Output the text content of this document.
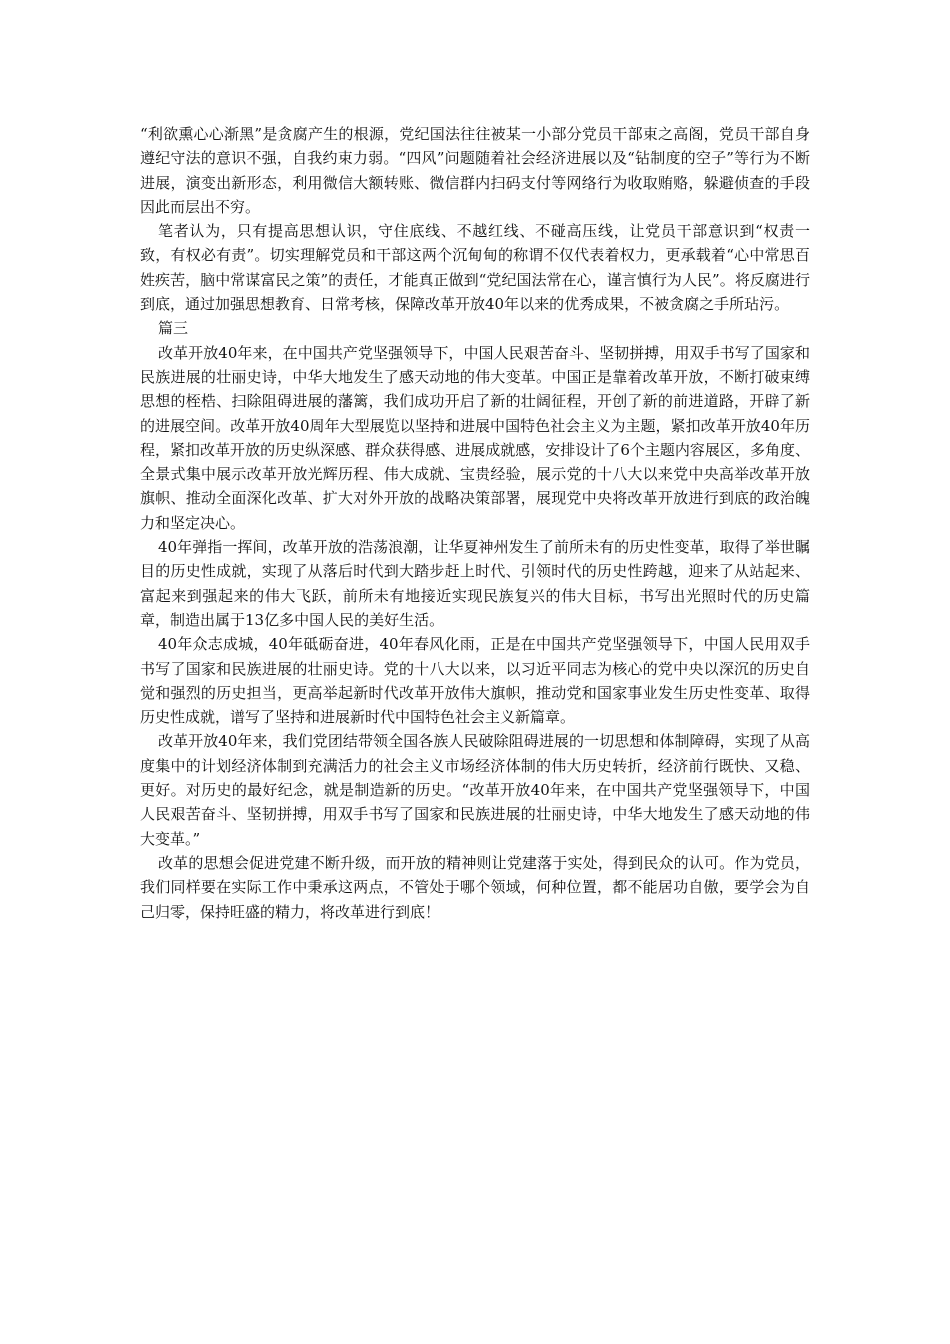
“利欲熏心心渐黑”是贪腐产生的根源，党纪国法往往被某一小部分党员干部束之高阁，党员干部自身遵纪守法的意识不强，自我约束力弱。“四风”问题随着社会经济进展以及“钻制度的空子”等行为不断进展，演变出新形态，利用微信大额转账、微信群内扫码支付等网络行为收取贿赂，躲避侦查的手段因此而层出不穷。

笔者认为，只有提高思想认识，守住底线、不越红线、不碰高压线，让党员干部意识到“权责一致，有权必有责”。切实理解党员和干部这两个沉甸甸的称谓不仅代表着权力，更承载着“心中常思百姓疾苦，脑中常谋富民之策”的责任，才能真正做到“党纪国法常在心，谨言慎行为人民”。将反腐进行到底，通过加强思想教育、日常考核，保障改革开放40年以来的优秀成果，不被贪腐之手所玷污。

篇三

改革开放40年来，在中国共产党坚强领导下，中国人民艰苦奋斗、坚韧拼搏，用双手书写了国家和民族进展的壮丽史诗，中华大地发生了感天动地的伟大变革。中国正是靠着改革开放，不断打破束缚思想的桎梏、扫除阻碍进展的藩篱，我们成功开启了新的壮阔征程，开创了新的前进道路，开辟了新的进展空间。改革开放40周年大型展览以坚持和进展中国特色社会主义为主题，紧扣改革开放40年历程，紧扣改革开放的历史纵深感、群众获得感、进展成就感，安排设计了6个主题内容展区，多角度、全景式集中展示改革开放光辉历程、伟大成就、宝贵经验，展示党的十八大以来党中央高举改革开放旗帜、推动全面深化改革、扩大对外开放的战略决策部署，展现党中央将改革开放进行到底的政治魄力和坚定决心。

40年弹指一挥间，改革开放的浩荡浪潮，让华夏神州发生了前所未有的历史性变革，取得了举世瞩目的历史性成就，实现了从落后时代到大踏步赶上时代、引领时代的历史性跨越，迎来了从站起来、富起来到强起来的伟大飞跃，前所未有地接近实现民族复兴的伟大目标，书写出光照时代的历史篇章，制造出属于13亿多中国人民的美好生活。

40年众志成城，40年砥砺奋进，40年春风化雨，正是在中国共产党坚强领导下，中国人民用双手书写了国家和民族进展的壮丽史诗。党的十八大以来，以习近平同志为核心的党中央以深沉的历史自觉和强烈的历史担当，更高举起新时代改革开放伟大旗帜，推动党和国家事业发生历史性变革、取得历史性成就，谱写了坚持和进展新时代中国特色社会主义新篇章。

改革开放40年来，我们党团结带领全国各族人民破除阻碍进展的一切思想和体制障碍，实现了从高度集中的计划经济体制到充满活力的社会主义市场经济体制的伟大历史转折，经济前行既快、又稳、更好。对历史的最好纪念，就是制造新的历史。“改革开放40年来，在中国共产党坚强领导下，中国人民艰苦奋斗、坚韧拼搏，用双手书写了国家和民族进展的壮丽史诗，中华大地发生了感天动地的伟大变革。”

改革的思想会促进党建不断升级，而开放的精神则让党建落于实处，得到民众的认可。作为党员，我们同样要在实际工作中秉承这两点，不管处于哪个领域，何种位置，都不能居功自傲，要学会为自己归零，保持旺盛的精力，将改革进行到底！
